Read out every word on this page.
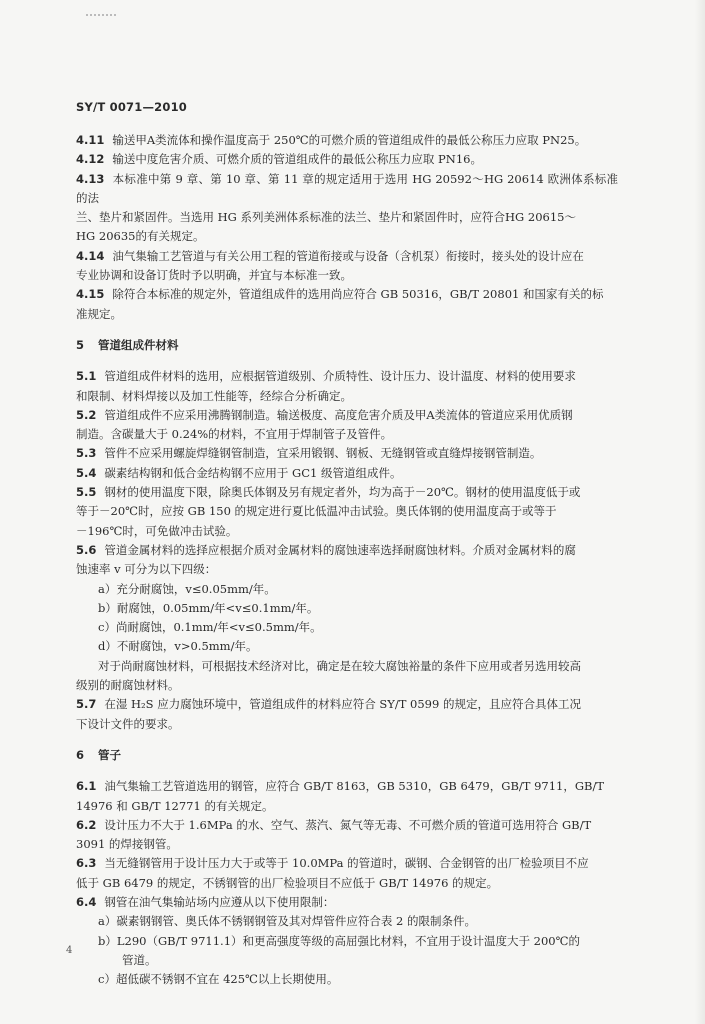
SY/T 0071—2010
4.11 输送甲A类流体和操作温度高于 250℃的可燃介质的管道组成件的最低公称压力应取 PN25。
4.12 输送中度危害介质、可燃介质的管道组成件的最低公称压力应取 PN16。
4.13 本标准中第 9 章、第 10 章、第 11 章的规定适用于选用 HG 20592～HG 20614 欧洲体系标准的法
兰、垫片和紧固件。当选用 HG 系列美洲体系标准的法兰、垫片和紧固件时，应符合HG 20615～
HG 20635的有关规定。
4.14 油气集输工艺管道与有关公用工程的管道衔接或与设备（含机泵）衔接时，接头处的设计应在
专业协调和设备订货时予以明确，并宜与本标准一致。
4.15 除符合本标准的规定外，管道组成件的选用尚应符合 GB 50316，GB/T 20801 和国家有关的标
准规定。
5 管道组成件材料
5.1 管道组成件材料的选用，应根据管道级别、介质特性、设计压力、设计温度、材料的使用要求
和限制、材料焊接以及加工性能等，经综合分析确定。
5.2 管道组成件不应采用沸腾钢制造。输送极度、高度危害介质及甲A类流体的管道应采用优质钢
制造。含碳量大于 0.24%的材料，不宜用于焊制管子及管件。
5.3 管件不应采用螺旋焊缝钢管制造，宜采用锻钢、钢板、无缝钢管或直缝焊接钢管制造。
5.4 碳素结构钢和低合金结构钢不应用于 GC1 级管道组成件。
5.5 钢材的使用温度下限，除奥氏体钢及另有规定者外，均为高于－20℃。钢材的使用温度低于或
等于－20℃时，应按 GB 150 的规定进行夏比低温冲击试验。奥氏体钢的使用温度高于或等于
－196℃时，可免做冲击试验。
5.6 管道金属材料的选择应根据介质对金属材料的腐蚀速率选择耐腐蚀材料。介质对金属材料的腐
蚀速率 v 可分为以下四级：
a）充分耐腐蚀，v≤0.05mm/年。
b）耐腐蚀，0.05mm/年<v≤0.1mm/年。
c）尚耐腐蚀，0.1mm/年<v≤0.5mm/年。
d）不耐腐蚀，v>0.5mm/年。
对于尚耐腐蚀材料，可根据技术经济对比，确定是在较大腐蚀裕量的条件下应用或者另选用较高
级别的耐腐蚀材料。
5.7 在湿 H₂S 应力腐蚀环境中，管道组成件的材料应符合 SY/T 0599 的规定，且应符合具体工况
下设计文件的要求。
6 管子
6.1 油气集输工艺管道选用的钢管，应符合 GB/T 8163，GB 5310，GB 6479，GB/T 9711，GB/T
14976 和 GB/T 12771 的有关规定。
6.2 设计压力不大于 1.6MPa 的水、空气、蒸汽、氮气等无毒、不可燃介质的管道可选用符合 GB/T
3091 的焊接钢管。
6.3 当无缝钢管用于设计压力大于或等于 10.0MPa 的管道时，碳钢、合金钢管的出厂检验项目不应
低于 GB 6479 的规定，不锈钢管的出厂检验项目不应低于 GB/T 14976 的规定。
6.4 钢管在油气集输站场内应遵从以下使用限制：
a）碳素钢钢管、奥氏体不锈钢钢管及其对焊管件应符合表 2 的限制条件。
b）L290（GB/T 9711.1）和更高强度等级的高屈强比材料，不宜用于设计温度大于 200℃的
管道。
c）超低碳不锈钢不宜在 425℃以上长期使用。
4
